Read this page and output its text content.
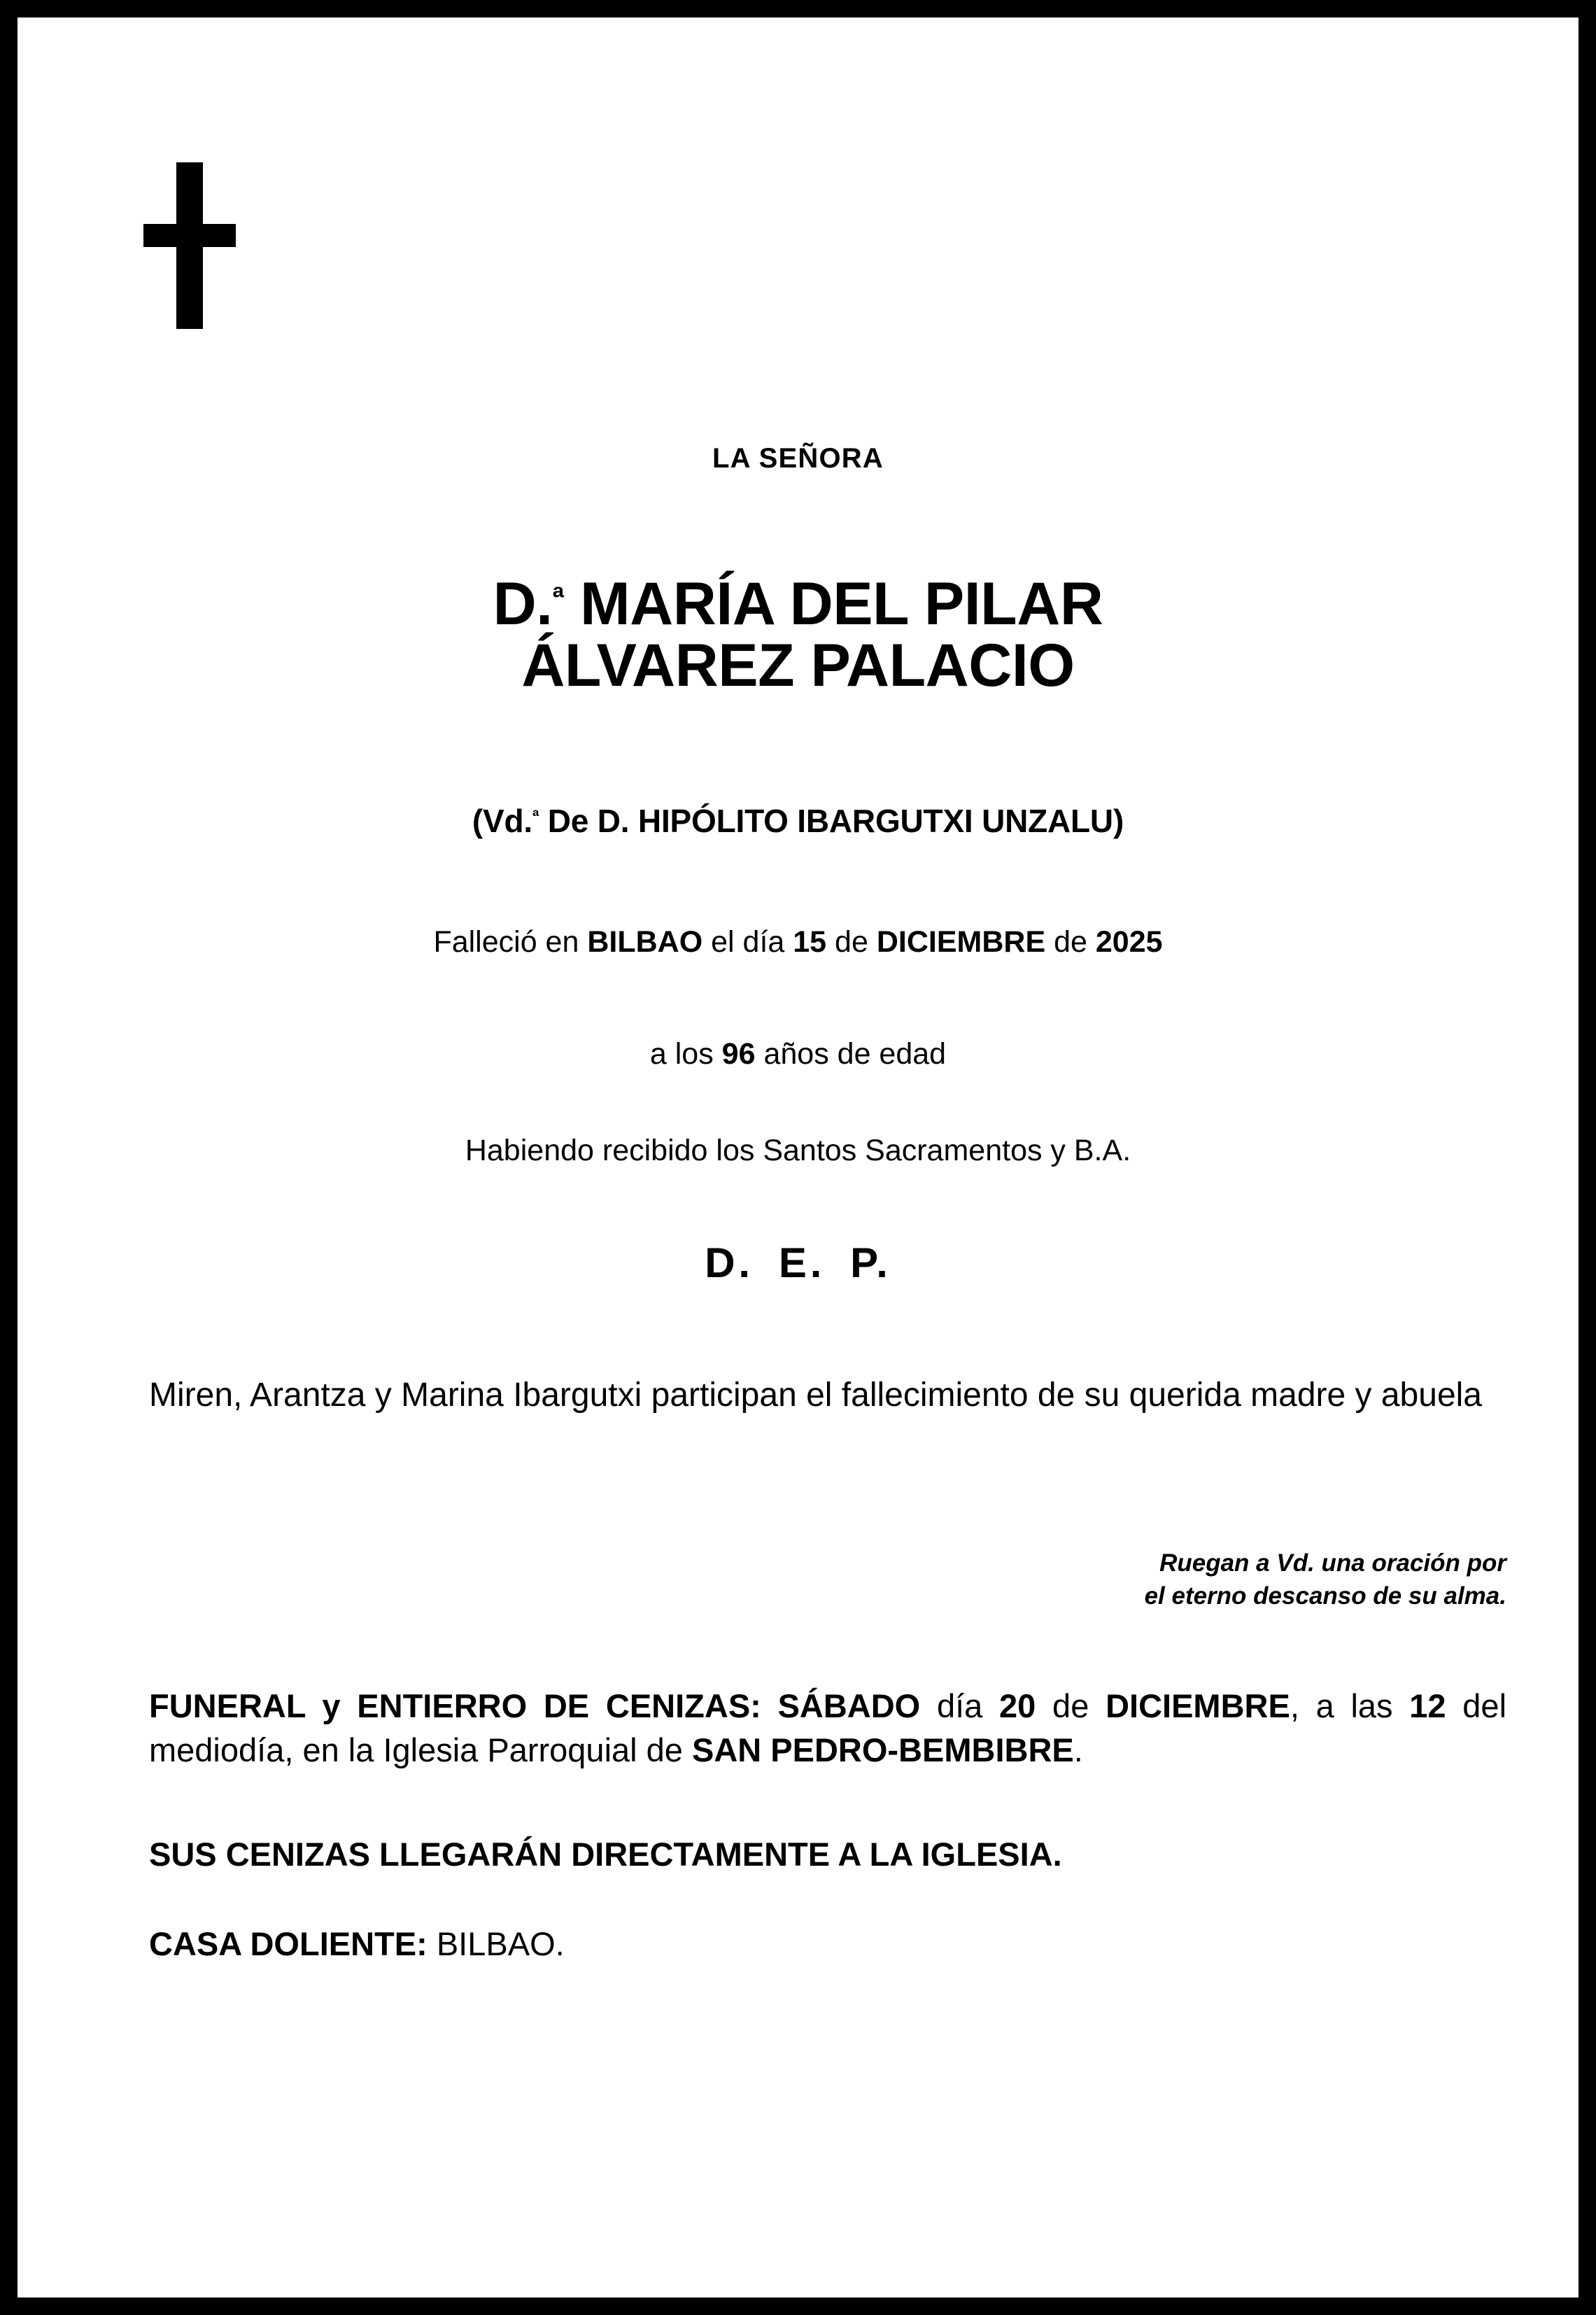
LA SEÑORA
D.$^ª$ MARÍA DEL PILAR
ÁLVAREZ PALACIO
(Vd.$^ª$ De D. HIPÓLITO IBARGUTXI UNZALU)
Falleció en BILBAO el día 15 de DICIEMBRE de 2025
a los 96 años de edad
Habiendo recibido los Santos Sacramentos y B.A.
D. E. P.
Miren, Arantza y Marina Ibargutxi participan el fallecimiento de su querida madre y abuela
Ruegan a Vd. una oración por
el eterno descanso de su alma.
FUNERAL y ENTIERRO DE CENIZAS: SÁBADO día 20 de DICIEMBRE, a las 12 del mediodía, en la Iglesia Parroquial de SAN PEDRO-BEMBIBRE.
SUS CENIZAS LLEGARÁN DIRECTAMENTE A LA IGLESIA.
CASA DOLIENTE: BILBAO.
